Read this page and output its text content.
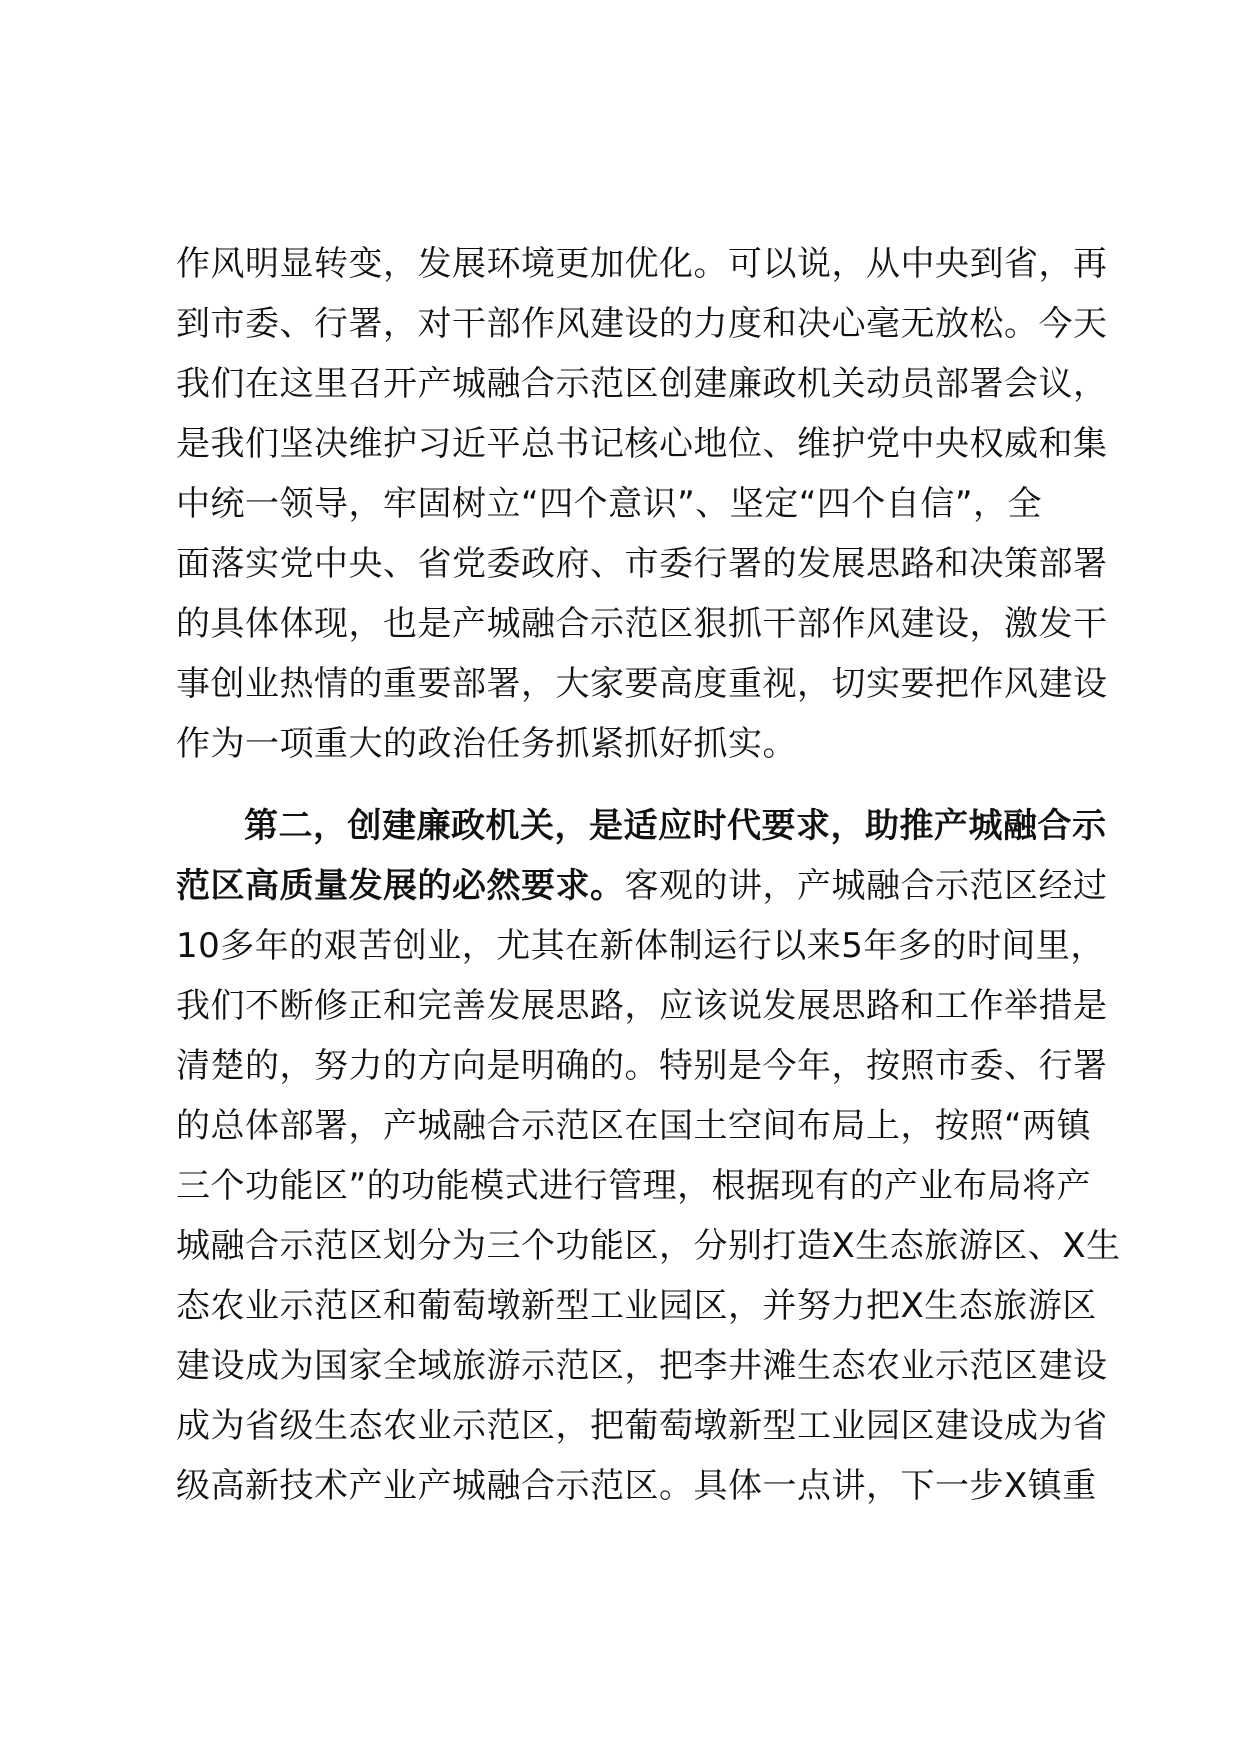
作风明显转变，发展环境更加优化。可以说，从中央到省，再
到市委、行署，对干部作风建设的力度和决心毫无放松。今天
我们在这里召开产城融合示范区创建廉政机关动员部署会议，
是我们坚决维护习近平总书记核心地位、维护党中央权威和集
中统一领导，牢固树立“四个意识”、坚定“四个自信”，全
面落实党中央、省党委政府、市委行署的发展思路和决策部署
的具体体现，也是产城融合示范区狠抓干部作风建设，激发干
事创业热情的重要部署，大家要高度重视，切实要把作风建设
作为一项重大的政治任务抓紧抓好抓实。
第二，创建廉政机关，是适应时代要求，助推产城融合示
范区高质量发展的必然要求。客观的讲，产城融合示范区经过
10多年的艰苦创业，尤其在新体制运行以来5年多的时间里，
我们不断修正和完善发展思路，应该说发展思路和工作举措是
清楚的，努力的方向是明确的。特别是今年，按照市委、行署
的总体部署，产城融合示范区在国土空间布局上，按照“两镇
三个功能区”的功能模式进行管理，根据现有的产业布局将产
城融合示范区划分为三个功能区，分别打造X生态旅游区、X生
态农业示范区和葡萄墩新型工业园区，并努力把X生态旅游区
建设成为国家全域旅游示范区，把李井滩生态农业示范区建设
成为省级生态农业示范区，把葡萄墩新型工业园区建设成为省
级高新技术产业产城融合示范区。具体一点讲，下一步X镇重
